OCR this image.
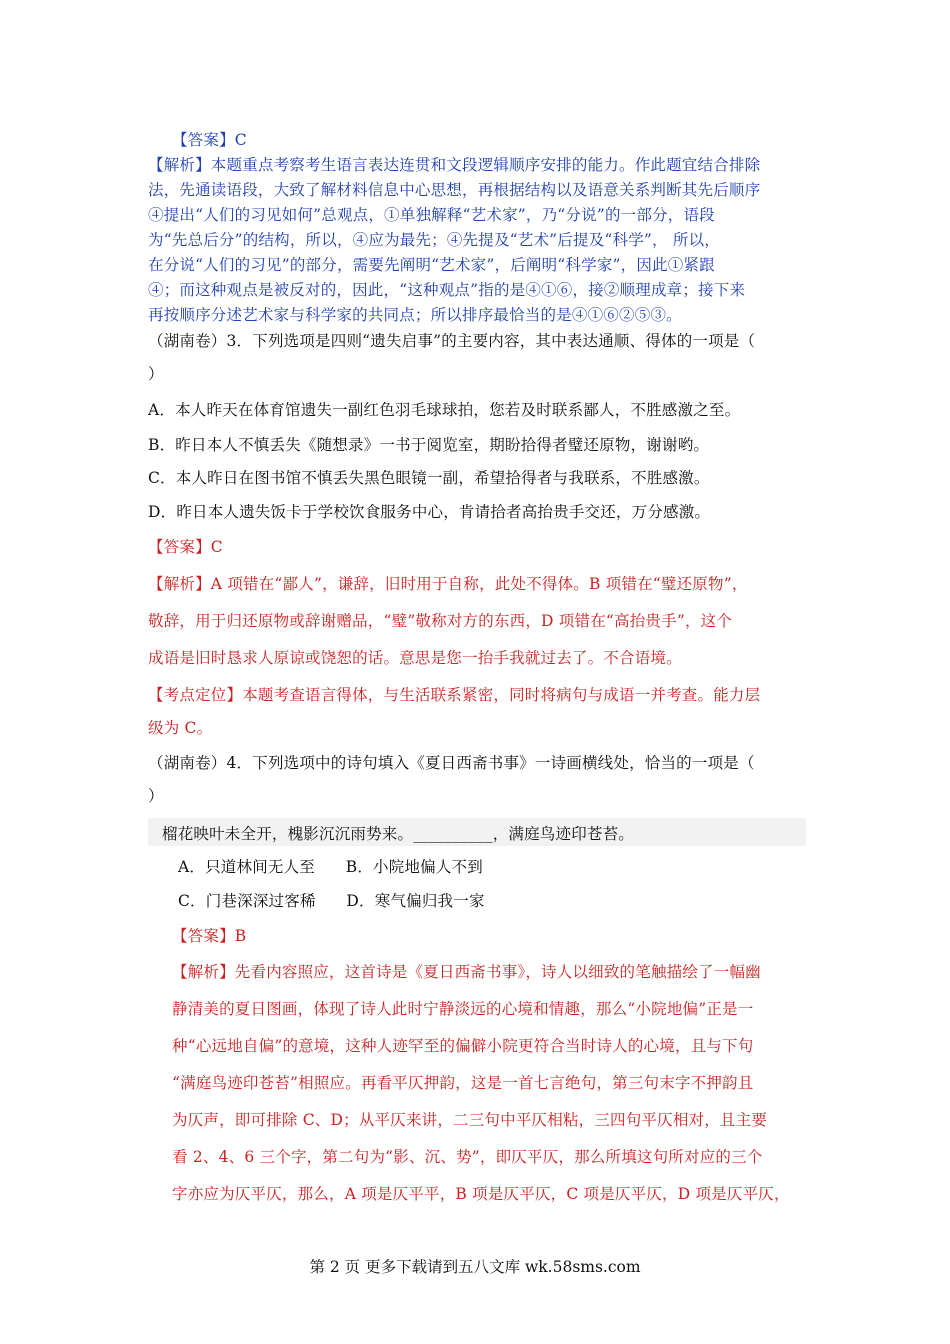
【答案】C
【解析】本题重点考察考生语言表达连贯和文段逻辑顺序安排的能力。作此题宜结合排除
法，先通读语段，大致了解材料信息中心思想，再根据结构以及语意关系判断其先后顺序
④提出“人们的习见如何”总观点，①单独解释“艺术家”，乃“分说”的一部分，语段
为“先总后分”的结构，所以，④应为最先；④先提及“艺术”后提及“科学”， 所以，
在分说“人们的习见”的部分，需要先阐明“艺术家”，后阐明“科学家”，因此①紧跟
④；而这种观点是被反对的，因此，“这种观点”指的是④①⑥，接②顺理成章；接下来
再按顺序分述艺术家与科学家的共同点；所以排序最恰当的是④①⑥②⑤③。
（湖南卷）3．下列选项是四则“遗失启事”的主要内容，其中表达通顺、得体的一项是（
）
A．本人昨天在体育馆遗失一副红色羽毛球球拍，您若及时联系鄙人，不胜感激之至。
B．昨日本人不慎丢失《随想录》一书于阅览室，期盼拾得者璧还原物，谢谢哟。
C．本人昨日在图书馆不慎丢失黑色眼镜一副，希望拾得者与我联系，不胜感激。
D．昨日本人遗失饭卡于学校饮食服务中心，肯请拾者高抬贵手交还，万分感激。
【答案】C
【解析】A 项错在“鄙人”，谦辞，旧时用于自称，此处不得体。B 项错在“璧还原物”，
敬辞，用于归还原物或辞谢赠品，“璧”敬称对方的东西，D 项错在“高抬贵手”，这个
成语是旧时恳求人原谅或饶恕的话。意思是您一抬手我就过去了。不合语境。
【考点定位】本题考查语言得体，与生活联系紧密，同时将病句与成语一并考查。能力层
级为 C。
（湖南卷）4．下列选项中的诗句填入《夏日西斋书事》一诗画横线处，恰当的一项是（
）
榴花映叶未全开，槐影沉沉雨势来。__________，满庭鸟迹印苍苔。
A．只道林间无人至      B．小院地偏人不到
C．门巷深深过客稀      D．寒气偏归我一家
【答案】B
【解析】先看内容照应，这首诗是《夏日西斋书事》，诗人以细致的笔触描绘了一幅幽
静清美的夏日图画，体现了诗人此时宁静淡远的心境和情趣，那么“小院地偏”正是一
种“心远地自偏”的意境，这种人迹罕至的偏僻小院更符合当时诗人的心境，且与下句
“满庭鸟迹印苍苔”相照应。再看平仄押韵，这是一首七言绝句，第三句末字不押韵且
为仄声，即可排除 C、D；从平仄来讲，二三句中平仄相粘，三四句平仄相对，且主要
看 2、4、6 三个字，第二句为“影、沉、势”，即仄平仄，那么所填这句所对应的三个
字亦应为仄平仄，那么，A 项是仄平平，B 项是仄平仄，C 项是仄平仄，D 项是仄平仄，
第 2 页 更多下载请到五八文库 wk.58sms.com
